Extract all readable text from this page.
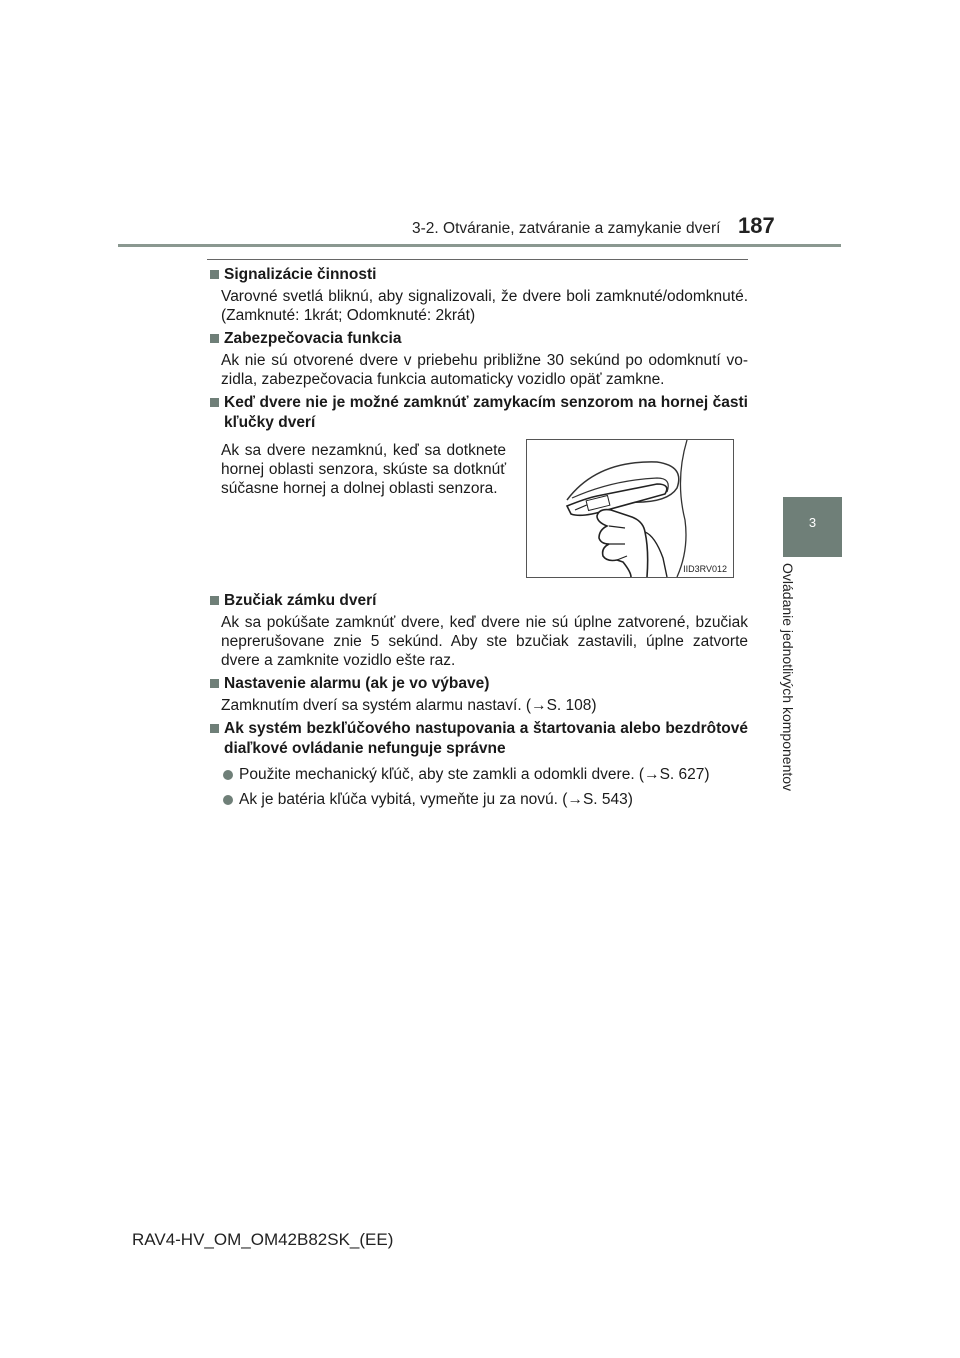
3-2. Otváranie, zatváranie a zamykanie dverí 187
3
Ovládanie jednotlivých komponentov
Signalizácie činnosti
Varovné svetlá bliknú, aby signalizovali, že dvere boli zamknuté/odomknuté. (Zamknuté: 1krát; Odomknuté: 2krát)
Zabezpečovacia funkcia
Ak nie sú otvorené dvere v priebehu približne 30 sekúnd po odomknutí vo-zidla, zabezpečovacia funkcia automaticky vozidlo opäť zamkne.
Keď dvere nie je možné zamknúť zamykacím senzorom na hornej časti kľučky dverí
Ak sa dvere nezamknú, keď sa dotknete hornej oblasti senzora, skúste sa dotknúť súčasne hornej a dolnej oblasti senzora.
IID3RV012
Bzučiak zámku dverí
Ak sa pokúšate zamknúť dvere, keď dvere nie sú úplne zatvorené, bzučiak neprerušovane znie 5 sekúnd. Aby ste bzučiak zastavili, úplne zatvorte dvere a zamknite vozidlo ešte raz.
Nastavenie alarmu (ak je vo výbave)
Zamknutím dverí sa systém alarmu nastaví. (→S. 108)
Ak systém bezkľúčového nastupovania a štartovania alebo bezdrôtové diaľkové ovládanie nefunguje správne
Použite mechanický kľúč, aby ste zamkli a odomkli dvere. (→S. 627)
Ak je batéria kľúča vybitá, vymeňte ju za novú. (→S. 543)
RAV4-HV_OM_OM42B82SK_(EE)
